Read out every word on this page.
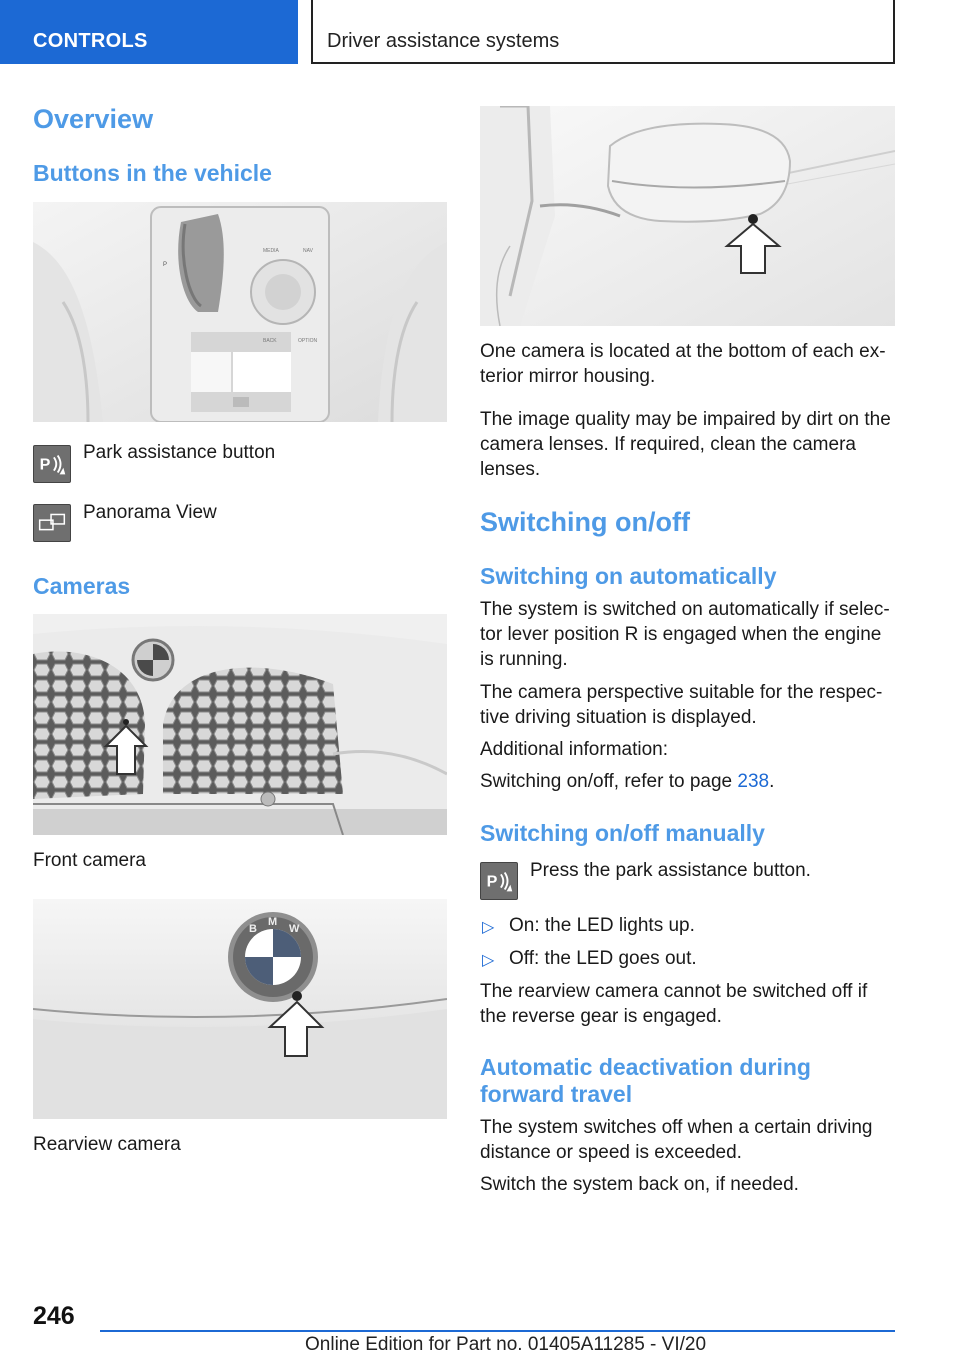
CONTROLS	Driver assistance systems
Overview
Buttons in the vehicle
P
MEDIA	NAV
BACK	OPTION
P

Park assistance button

Panorama View

Cameras

Front camera

B
M
W

Rearview camera

One camera is located at the bottom of each ex-

terior mirror housing.

The image quality may be impaired by dirt on the

camera lenses. If required, clean the camera

lenses.

Switching on/off
Switching on automatically

The system is switched on automatically if selec-

tor lever position R is engaged when the engine

is running.

The camera perspective suitable for the respec-

tive driving situation is displayed.

Additional information:

Switching on/off, refer to page 238.

Switching on/off manually
P

Press the park assistance button.

▷ On: the LED lights up.

▷ Off: the LED goes out.

The rearview camera cannot be switched off if

the reverse gear is engaged.

Automatic deactivation during
forward travel

The system switches off when a certain driving

distance or speed is exceeded.

Switch the system back on, if needed.

246
Online Edition for Part no. 01405A11285 - VI/20
